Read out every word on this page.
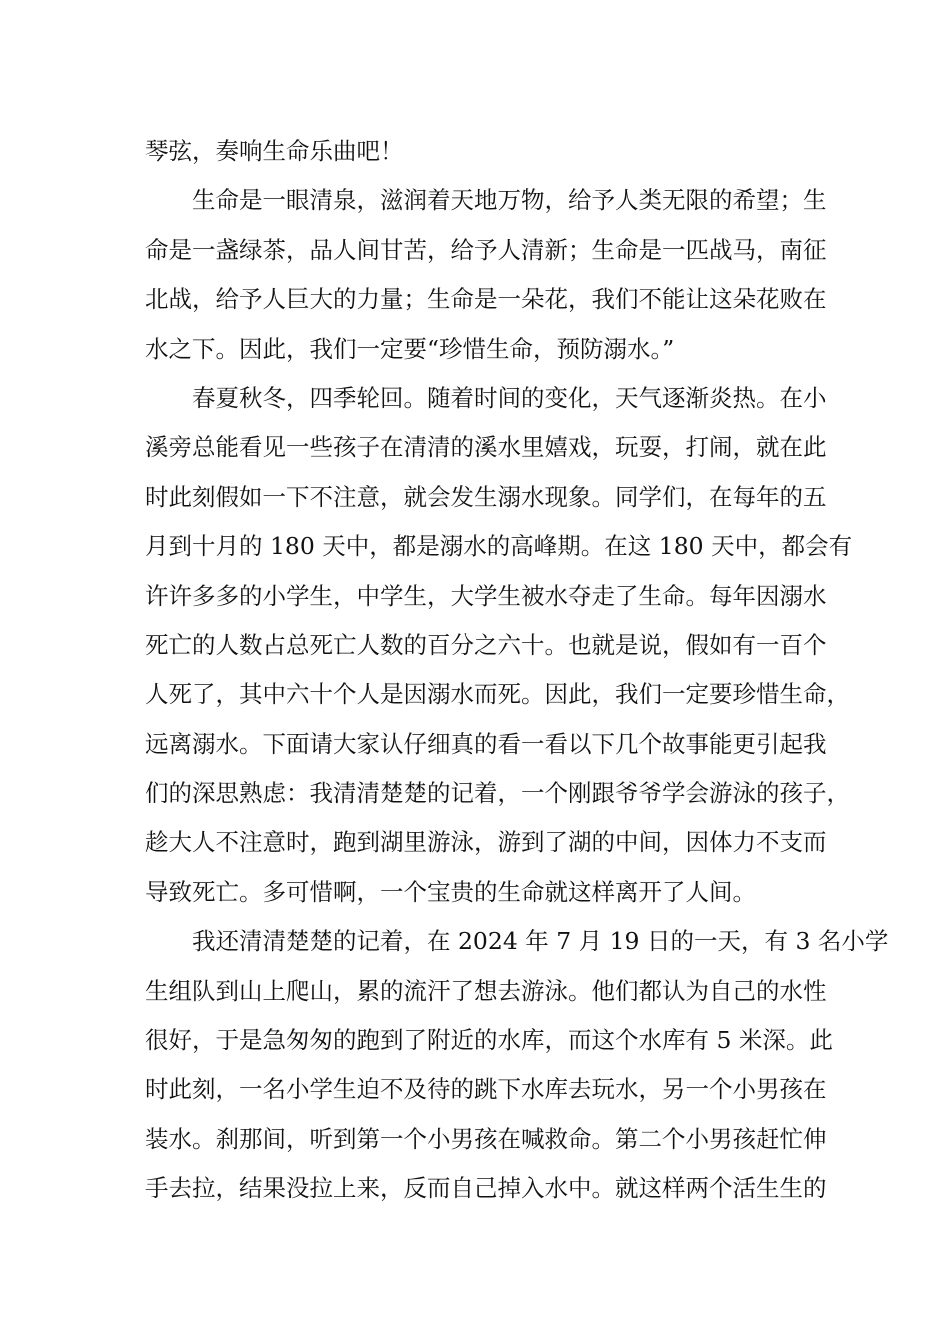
琴弦，奏响生命乐曲吧！
生命是一眼清泉，滋润着天地万物，给予人类无限的希望；生
命是一盏绿茶，品人间甘苦，给予人清新；生命是一匹战马，南征
北战，给予人巨大的力量；生命是一朵花，我们不能让这朵花败在
水之下。因此，我们一定要“珍惜生命，预防溺水。”
春夏秋冬，四季轮回。随着时间的变化，天气逐渐炎热。在小
溪旁总能看见一些孩子在清清的溪水里嬉戏，玩耍，打闹，就在此
时此刻假如一下不注意，就会发生溺水现象。同学们，在每年的五
月到十月的 180 天中，都是溺水的高峰期。在这 180 天中，都会有
许许多多的小学生，中学生，大学生被水夺走了生命。每年因溺水
死亡的人数占总死亡人数的百分之六十。也就是说，假如有一百个
人死了，其中六十个人是因溺水而死。因此，我们一定要珍惜生命，
远离溺水。下面请大家认仔细真的看一看以下几个故事能更引起我
们的深思熟虑：我清清楚楚的记着，一个刚跟爷爷学会游泳的孩子，
趁大人不注意时，跑到湖里游泳，游到了湖的中间，因体力不支而
导致死亡。多可惜啊，一个宝贵的生命就这样离开了人间。
我还清清楚楚的记着，在 2024 年 7 月 19 日的一天，有 3 名小学
生组队到山上爬山，累的流汗了想去游泳。他们都认为自己的水性
很好，于是急匆匆的跑到了附近的水库，而这个水库有 5 米深。此
时此刻，一名小学生迫不及待的跳下水库去玩水，另一个小男孩在
装水。刹那间，听到第一个小男孩在喊救命。第二个小男孩赶忙伸
手去拉，结果没拉上来，反而自己掉入水中。就这样两个活生生的
